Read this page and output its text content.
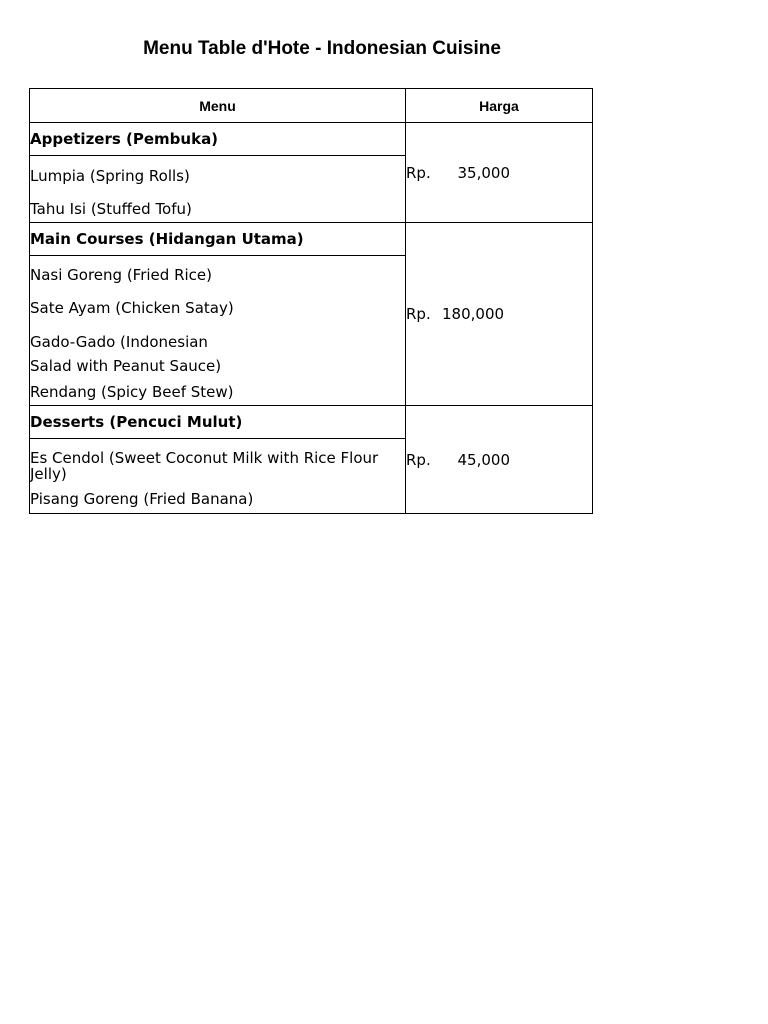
Menu Table d'Hote - Indonesian Cuisine
Menu	Harga
Appetizers (Pembuka)	Rp. 35,000

Lumpia (Spring Rolls)
Tahu Isi (Stuffed Tofu)	

Main Courses (Hidangan Utama)	Rp. 180,000

Nasi Goreng (Fried Rice)
Sate Ayam (Chicken Satay)
Gado-Gado (Indonesian
Salad with Peanut Sauce)
Rendang (Spicy Beef Stew)	

Desserts (Pencuci Mulut)	Rp. 45,000

Es Cendol (Sweet Coconut Milk with Rice Flour Jelly)
Pisang Goreng (Fried Banana)	
